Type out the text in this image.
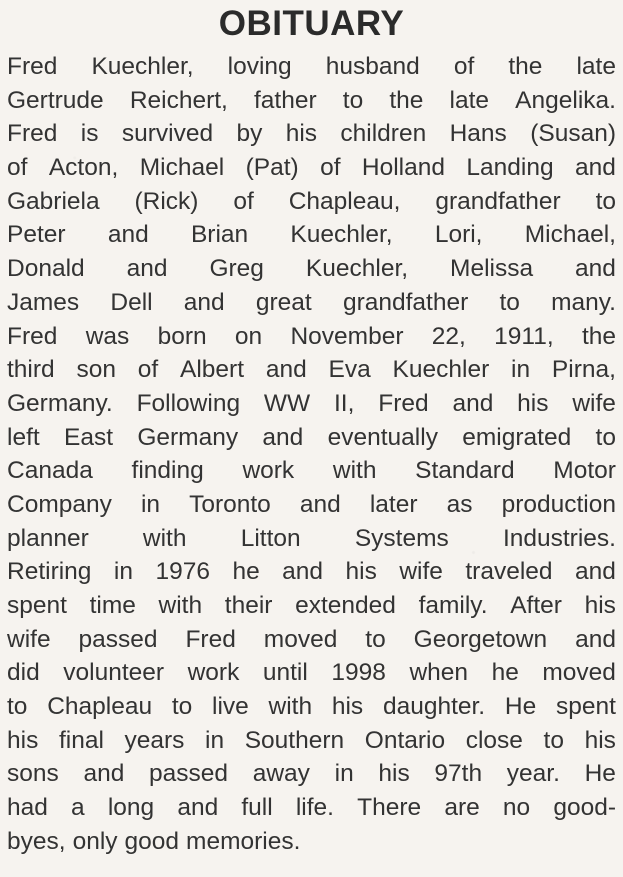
OBITUARY
Fred Kuechler, loving husband of the late
Gertrude Reichert, father to the late Angelika.
Fred is survived by his children Hans (Susan)
of Acton, Michael (Pat) of Holland Landing and
Gabriela (Rick) of Chapleau, grandfather to
Peter and Brian Kuechler, Lori, Michael,
Donald and Greg Kuechler, Melissa and
James Dell and great grandfather to many.
Fred was born on November 22, 1911, the
third son of Albert and Eva Kuechler in Pirna,
Germany. Following WW II, Fred and his wife
left East Germany and eventually emigrated to
Canada finding work with Standard Motor
Company in Toronto and later as production
planner with Litton Systems Industries.
Retiring in 1976 he and his wife traveled and
spent time with their extended family. After his
wife passed Fred moved to Georgetown and
did volunteer work until 1998 when he moved
to Chapleau to live with his daughter. He spent
his final years in Southern Ontario close to his
sons and passed away in his 97th year. He
had a long and full life. There are no good-
byes, only good memories.
